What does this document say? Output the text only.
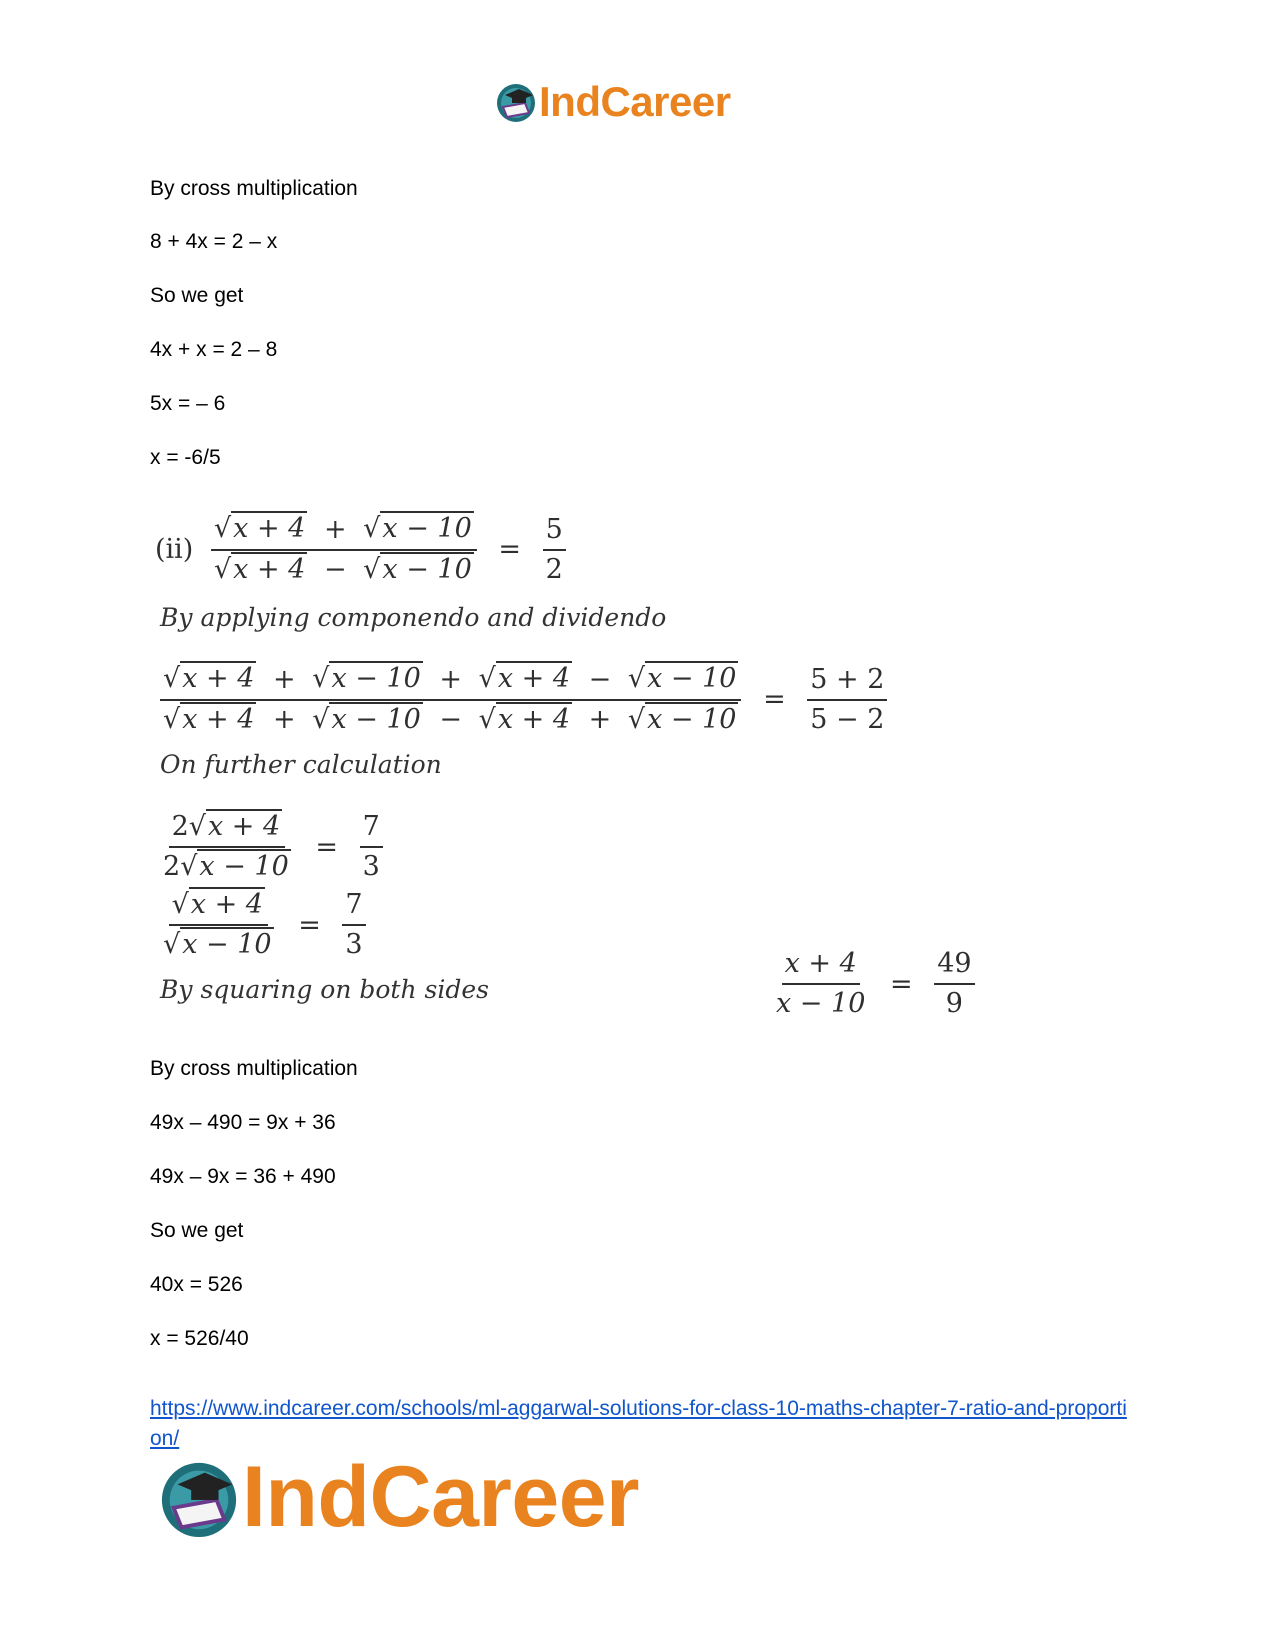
IndCareer
By cross multiplication
8 + 4x = 2 – x
So we get
4x + x = 2 – 8
5x = – 6
x = -6/5
$(ii) \frac{√x + 4 + √x - 10}{√x + 4 - √x - 10} = \frac{5}{2}$
By applying componendo and dividendo
√x + 4 + √x − 10 + √x + 4 − √x − 10
√x + 4 + √x − 10 − √x + 4 + √x − 10
= $\frac{5 + 2}{5 - 2}$
On further calculation
$\frac{2√x + 4}{2√x - 10} = \frac{7}{3}$
$\frac{√x + 4}{√x - 10} = \frac{7}{3}$
By squaring on both sides	$\frac{x + 4}{x - 10} = \frac{49}{9}$
By cross multiplication
49x – 490 = 9x + 36
49x – 9x = 36 + 490
So we get
40x = 526
x = 526/40
https://www.indcareer.com/schools/ml-aggarwal-solutions-for-class-10-maths-chapter-7-ratio-and-proportion/
IndCareer
